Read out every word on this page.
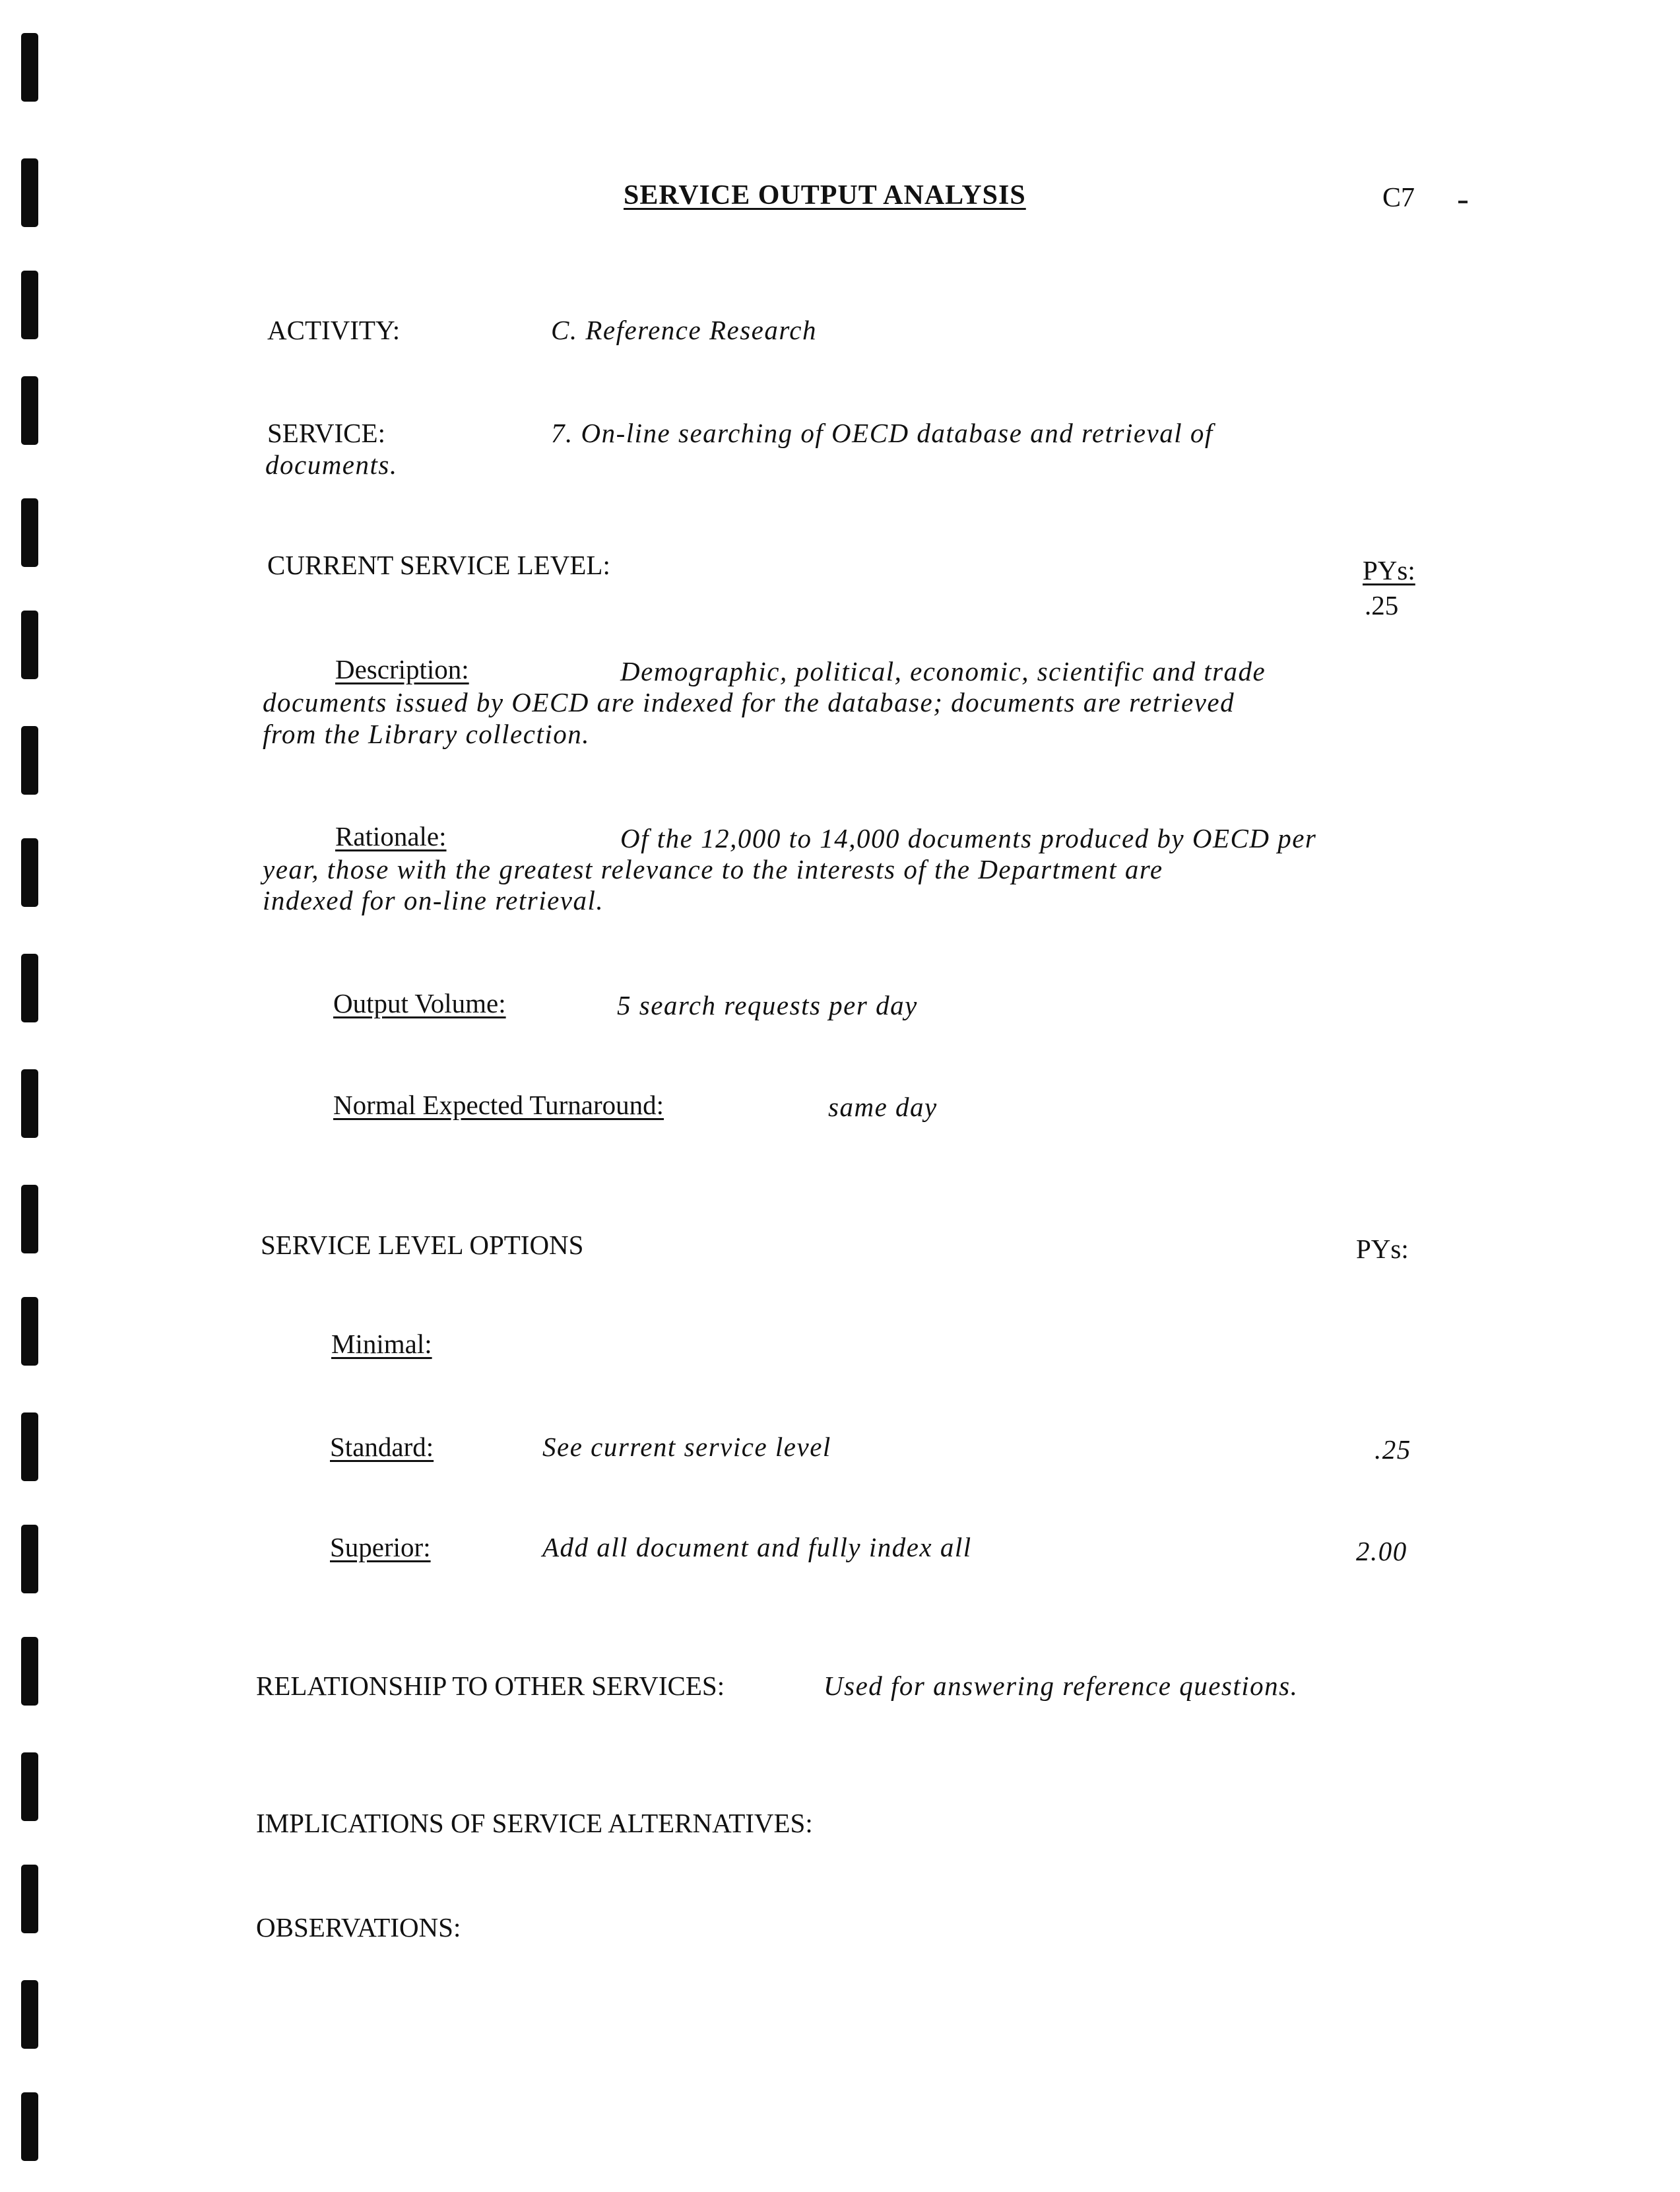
SERVICE OUTPUT ANALYSIS	C7
ACTIVITY:	C. Reference Research
SERVICE:	7. On-line searching of OECD database and retrieval of
documents.
CURRENT SERVICE LEVEL:	PYs:
.25
Description:	Demographic, political, economic, scientific and trade
documents issued by OECD are indexed for the database; documents are retrieved
from the Library collection.
Rationale:	Of the 12,000 to 14,000 documents produced by OECD per
year, those with the greatest relevance to the interests of the Department are
indexed for on-line retrieval.
Output Volume:	5 search requests per day
Normal Expected Turnaround:	same day
SERVICE LEVEL OPTIONS	PYs:
Minimal:
Standard:	See current service level	.25
Superior:	Add all document and fully index all	2.00
RELATIONSHIP TO OTHER SERVICES:	Used for answering reference questions.
IMPLICATIONS OF SERVICE ALTERNATIVES:
OBSERVATIONS:
